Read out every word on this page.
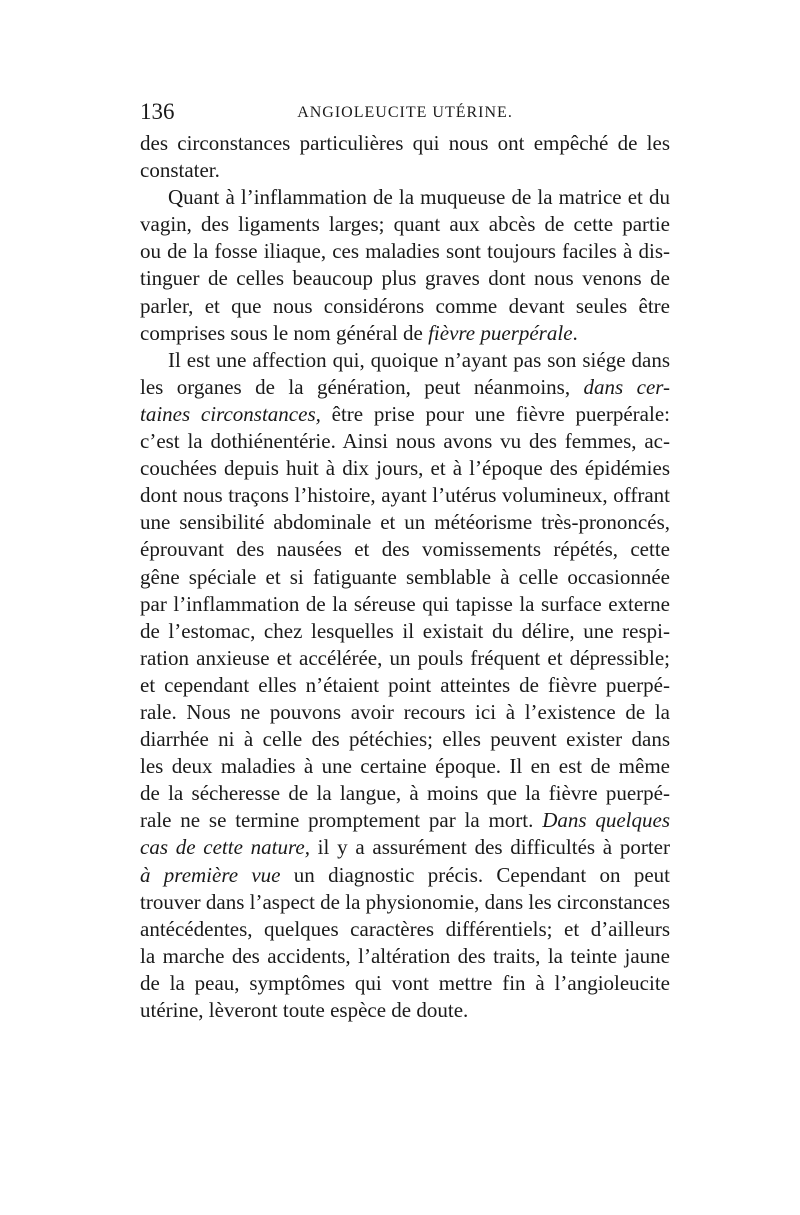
136	ANGIOLEUCITE UTÉRINE.
des circonstances particulières qui nous ont empêché de les
constater.
Quant à l’inflammation de la muqueuse de la matrice et du
vagin, des ligaments larges; quant aux abcès de cette partie
ou de la fosse iliaque, ces maladies sont toujours faciles à dis-
tinguer de celles beaucoup plus graves dont nous venons de
parler, et que nous considérons comme devant seules être
comprises sous le nom général de fièvre puerpérale.
Il est une affection qui, quoique n’ayant pas son siége dans
les organes de la génération, peut néanmoins, dans cer-
taines circonstances, être prise pour une fièvre puerpérale:
c’est la dothiénentérie. Ainsi nous avons vu des femmes, ac-
couchées depuis huit à dix jours, et à l’époque des épidémies
dont nous traçons l’histoire, ayant l’utérus volumineux, offrant
une sensibilité abdominale et un météorisme très-prononcés,
éprouvant des nausées et des vomissements répétés, cette
gêne spéciale et si fatiguante semblable à celle occasionnée
par l’inflammation de la séreuse qui tapisse la surface externe
de l’estomac, chez lesquelles il existait du délire, une respi-
ration anxieuse et accélérée, un pouls fréquent et dépressible;
et cependant elles n’étaient point atteintes de fièvre puerpé-
rale. Nous ne pouvons avoir recours ici à l’existence de la
diarrhée ni à celle des pétéchies; elles peuvent exister dans
les deux maladies à une certaine époque. Il en est de même
de la sécheresse de la langue, à moins que la fièvre puerpé-
rale ne se termine promptement par la mort. Dans quelques
cas de cette nature, il y a assurément des difficultés à porter
à première vue un diagnostic précis. Cependant on peut
trouver dans l’aspect de la physionomie, dans les circonstances
antécédentes, quelques caractères différentiels; et d’ailleurs
la marche des accidents, l’altération des traits, la teinte jaune
de la peau, symptômes qui vont mettre fin à l’angioleucite
utérine, lèveront toute espèce de doute.
